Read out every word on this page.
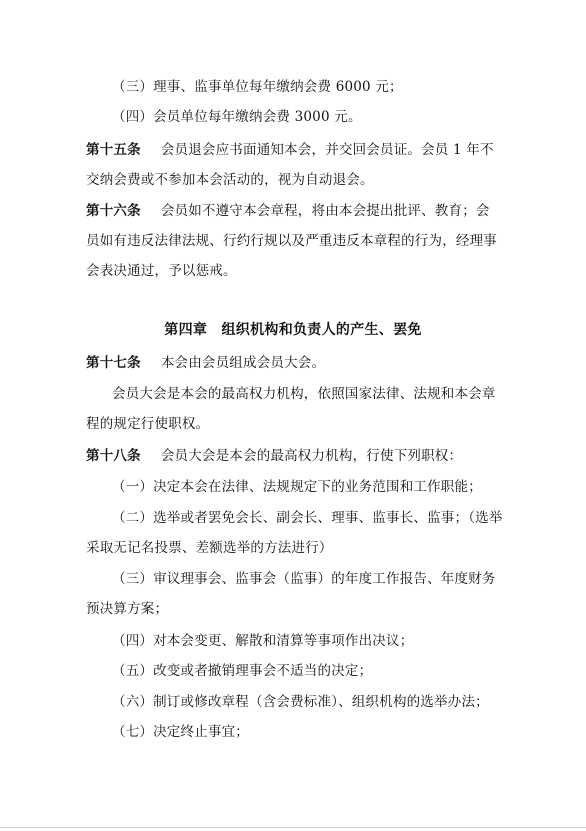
（三）理事、监事单位每年缴纳会费 6000 元；
（四）会员单位每年缴纳会费 3000 元。
第十五条 会员退会应书面通知本会，并交回会员证。会员 1 年不
交纳会费或不参加本会活动的，视为自动退会。
第十六条 会员如不遵守本会章程，将由本会提出批评、教育；会
员如有违反法律法规、行约行规以及严重违反本章程的行为，经理事
会表决通过，予以惩戒。
第四章　组织机构和负责人的产生、罢免
第十七条 本会由会员组成会员大会。
会员大会是本会的最高权力机构，依照国家法律、法规和本会章
程的规定行使职权。
第十八条 会员大会是本会的最高权力机构，行使下列职权：
（一）决定本会在法律、法规规定下的业务范围和工作职能；
（二）选举或者罢免会长、副会长、理事、监事长、监事；（选举
采取无记名投票、差额选举的方法进行）
（三）审议理事会、监事会（监事）的年度工作报告、年度财务
预决算方案；
（四）对本会变更、解散和清算等事项作出决议；
（五）改变或者撤销理事会不适当的决定；
（六）制订或修改章程（含会费标准）、组织机构的选举办法；
（七）决定终止事宜；
